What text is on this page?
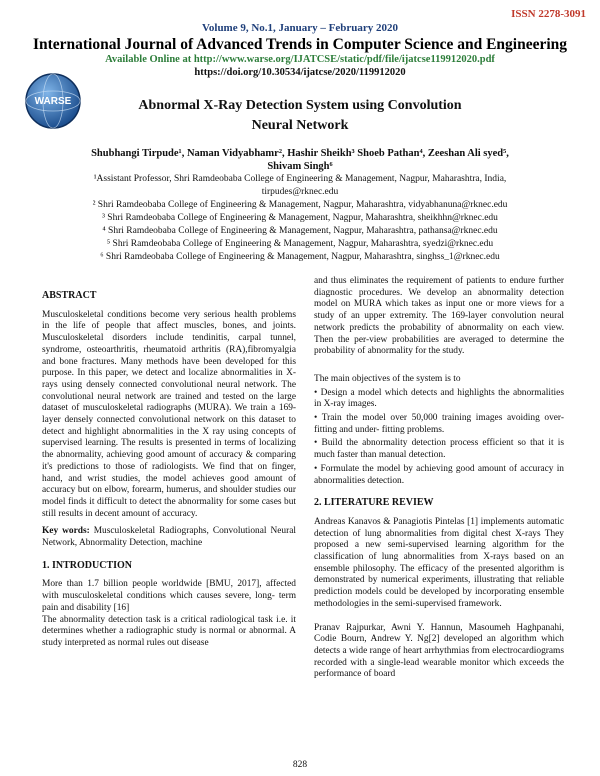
ISSN 2278-3091
Volume 9, No.1, January – February 2020
International Journal of Advanced Trends in Computer Science and Engineering
Available Online at http://www.warse.org/IJATCSE/static/pdf/file/ijatcse119912020.pdf
https://doi.org/10.30534/ijatcse/2020/119912020
WARSE	Abnormal X-Ray Detection System using Convolution
Neural Network
Shubhangi Tirpude¹, Naman Vidyabhamr², Hashir Sheikh³ Shoeb Pathan⁴, Zeeshan Ali syed⁵,
Shivam Singh⁶
¹Assistant Professor, Shri Ramdeobaba College of Engineering & Management, Nagpur, Maharashtra, India,
tirpudes@rknec.edu
² Shri Ramdeobaba College of Engineering & Management, Nagpur, Maharashtra, vidyabhanuna@rknec.edu
³ Shri Ramdeobaba College of Engineering & Management, Nagpur, Maharashtra, sheikhhn@rknec.edu
⁴ Shri Ramdeobaba College of Engineering & Management, Nagpur, Maharashtra, pathansa@rknec.edu
⁵ Shri Ramdeobaba College of Engineering & Management, Nagpur, Maharashtra, syedzi@rknec.edu
⁶ Shri Ramdeobaba College of Engineering & Management, Nagpur, Maharashtra, singhss_1@rknec.edu
ABSTRACT

Musculoskeletal conditions become very serious health problems in the life of people that affect muscles, bones, and joints. Musculoskeletal disorders include tendinitis, carpal tunnel, syndrome, osteoarthritis, rheumatoid arthritis (RA),fibromyalgia and bone fractures. Many methods have been developed for this purpose. In this paper, we detect and localize abnormalities in X-rays using densely connected convolutional neural network. The convolutional neural network are trained and tested on the large dataset of musculoskeletal radiographs (MURA). We train a 169-layer densely connected convolutional network on this dataset to detect and highlight abnormalities in the X ray using concepts of supervised learning. The results is presented in terms of localizing the abnormality, achieving good amount of accuracy & comparing it's predictions to those of radiologists. We find that on finger, hand, and wrist studies, the model achieves good amount of accuracy but on elbow, forearm, humerus, and shoulder studies our model finds it difficult to detect the abnormality for some cases but still results in decent amount of accuracy.

Key words: Musculoskeletal Radiographs, Convolutional Neural Network, Abnormality Detection, machine

1. INTRODUCTION

More than 1.7 billion people worldwide [BMU, 2017], affected with musculoskeletal conditions which causes severe, long- term pain and disability [16]

The abnormality detection task is a critical radiological task i.e. it determines whether a radiographic study is normal or abnormal. A study interpreted as normal rules out disease

and thus eliminates the requirement of patients to endure further diagnostic procedures. We develop an abnormality detection model on MURA which takes as input one or more views for a study of an upper extremity. The 169-layer convolution neural network predicts the probability of abnormality on each view. Then the per-view probabilities are averaged to determine the probability of abnormality for the study.

The main objectives of the system is to

• Design a model which detects and highlights the abnormalities in X-ray images.
• Train the model over 50,000 training images avoiding over-fitting and under- fitting problems.
• Build the abnormality detection process efficient so that it is much faster than manual detection.
• Formulate the model by achieving good amount of accuracy in abnormalities detection.
2. LITERATURE REVIEW

Andreas Kanavos & Panagiotis Pintelas [1] implements automatic detection of lung abnormalities from digital chest X-rays They proposed a new semi-supervised learning algorithm for the classification of lung abnormalities from X-rays based on an ensemble philosophy. The efficacy of the presented algorithm is demonstrated by numerical experiments, illustrating that reliable prediction models could be developed by incorporating ensemble methodologies in the semi-supervised framework.

Pranav Rajpurkar, Awni Y. Hannun, Masoumeh Haghpanahi, Codie Bourn, Andrew Y. Ng[2] developed an algorithm which detects a wide range of heart arrhythmias from electrocardiograms recorded with a single-lead wearable monitor which exceeds the performance of board

828
